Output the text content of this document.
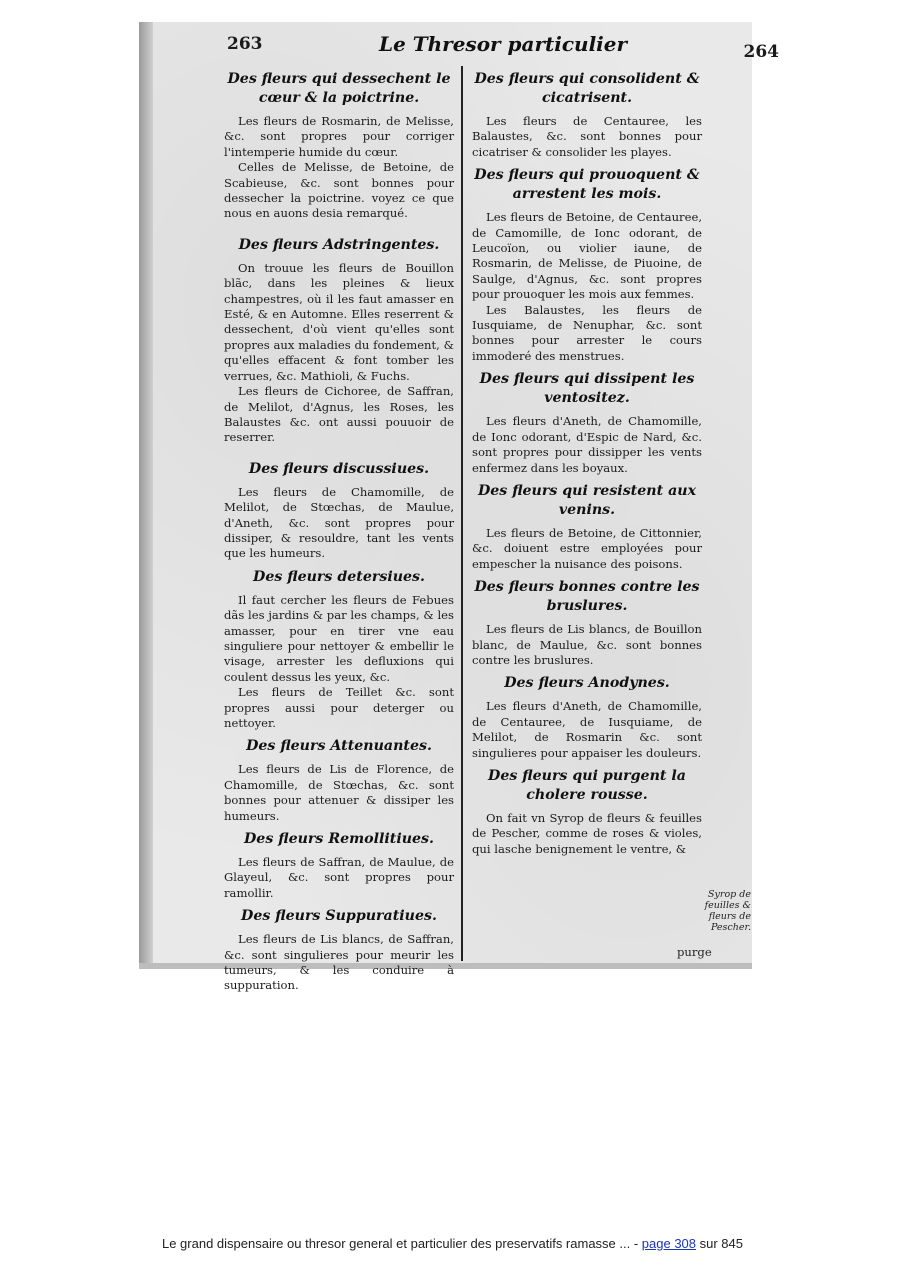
263	Le Thresor particulier	264
Des fleurs qui dessechent le cœur & la poictrine.

Les fleurs de Rosmarin, de Melisse, &c. sont propres pour corriger l'intemperie humide du cœur.

Celles de Melisse, de Betoine, de Scabieuse, &c. sont bonnes pour dessecher la poictrine. voyez ce que nous en auons desia remarqué.

Des fleurs Adstringentes.

On trouue les fleurs de Bouillon blãc, dans les pleines & lieux champestres, où il les faut amasser en Esté, & en Automne. Elles reserrent & dessechent, d'où vient qu'elles sont propres aux maladies du fondement, & qu'elles effacent & font tomber les verrues, &c. Mathioli, & Fuchs.

Les fleurs de Cichoree, de Saffran, de Melilot, d'Agnus, les Roses, les Balaustes &c. ont aussi pouuoir de reserrer.

Des fleurs discussiues.

Les fleurs de Chamomille, de Melilot, de Stœchas, de Maulue, d'Aneth, &c. sont propres pour dissiper, & resouldre, tant les vents que les humeurs.

Des fleurs detersiues.

Il faut cercher les fleurs de Febues dãs les jardins & par les champs, & les amasser, pour en tirer vne eau singuliere pour nettoyer & embellir le visage, arrester les defluxions qui coulent dessus les yeux, &c.

Les fleurs de Teillet &c. sont propres aussi pour deterger ou nettoyer.

Des fleurs Attenuantes.

Les fleurs de Lis de Florence, de Chamomille, de Stœchas, &c. sont bonnes pour attenuer & dissiper les humeurs.

Des fleurs Remollitiues.

Les fleurs de Saffran, de Maulue, de Glayeul, &c. sont propres pour ramollir.

Des fleurs Suppuratiues.

Les fleurs de Lis blancs, de Saffran, &c. sont singulieres pour meurir les tumeurs, & les conduire à suppuration.

Des fleurs qui consolident & cicatrisent.

Les fleurs de Centauree, les Balaustes, &c. sont bonnes pour cicatriser & consolider les playes.

Des fleurs qui prouoquent & arrestent les mois.

Les fleurs de Betoine, de Centauree, de Camomille, de Ionc odorant, de Leucoïon, ou violier iaune, de Rosmarin, de Melisse, de Piuoine, de Saulge, d'Agnus, &c. sont propres pour prouoquer les mois aux femmes.

Les Balaustes, les fleurs de Iusquiame, de Nenuphar, &c. sont bonnes pour arrester le cours immoderé des menstrues.

Des fleurs qui dissipent les ventositez.

Les fleurs d'Aneth, de Chamomille, de Ionc odorant, d'Espic de Nard, &c. sont propres pour dissipper les vents enfermez dans les boyaux.

Des fleurs qui resistent aux venins.

Les fleurs de Betoine, de Cittonnier, &c. doiuent estre employées pour empescher la nuisance des poisons.

Des fleurs bonnes contre les bruslures.

Les fleurs de Lis blancs, de Bouillon blanc, de Maulue, &c. sont bonnes contre les bruslures.

Des fleurs Anodynes.

Les fleurs d'Aneth, de Chamomille, de Centauree, de Iusquiame, de Melilot, de Rosmarin &c. sont singulieres pour appaiser les douleurs.

Des fleurs qui purgent la cholere rousse.

On fait vn Syrop de fleurs & feuilles de Pescher, comme de roses & violes, qui lasche benignement le ventre, &

Syrop de feuilles & fleurs de Pescher.
purge
Le grand dispensaire ou thresor general et particulier des preservatifs ramasse ... - page 308 sur 845
